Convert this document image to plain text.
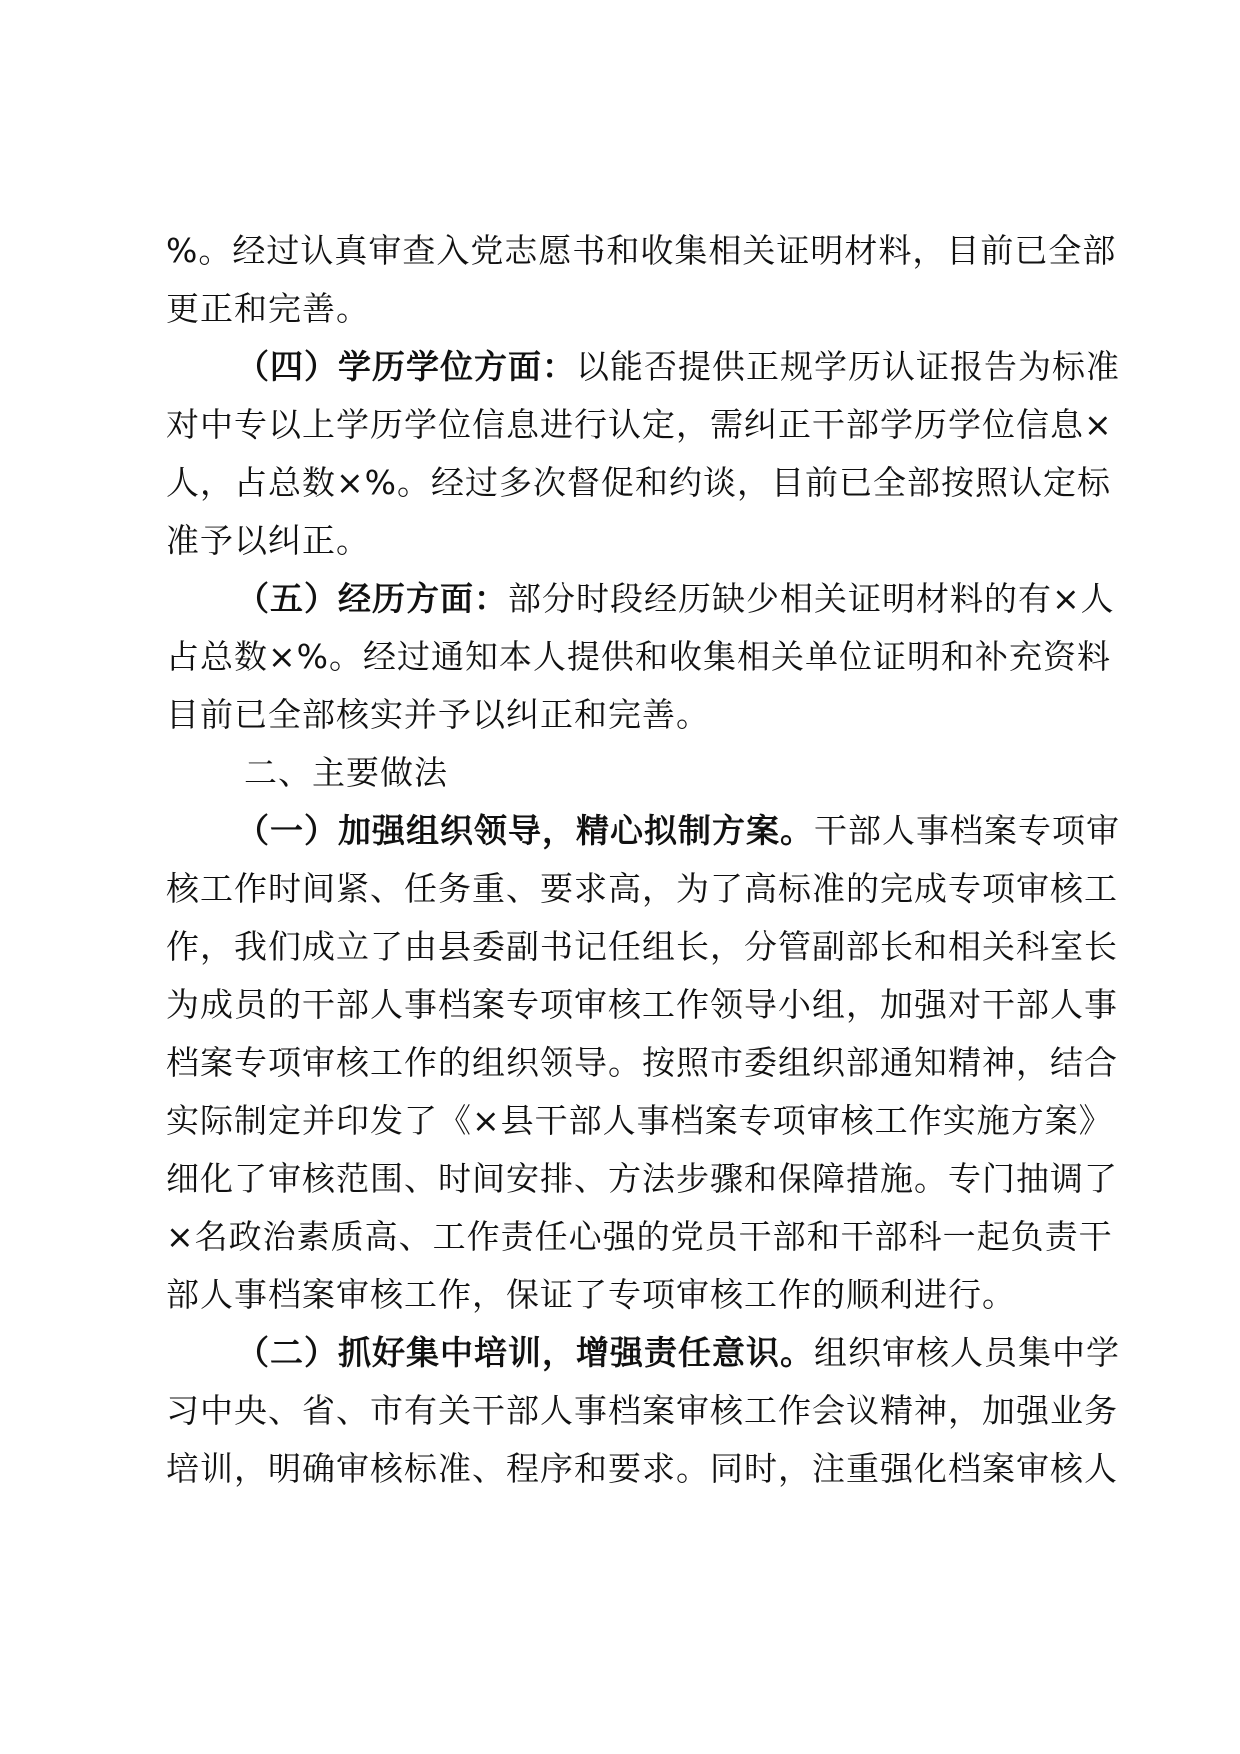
%。经过认真审查入党志愿书和收集相关证明材料，目前已全部
更正和完善。
（四）学历学位方面：以能否提供正规学历认证报告为标准
对中专以上学历学位信息进行认定，需纠正干部学历学位信息×
人，占总数×%。经过多次督促和约谈，目前已全部按照认定标
准予以纠正。
（五）经历方面：部分时段经历缺少相关证明材料的有×人
占总数×%。经过通知本人提供和收集相关单位证明和补充资料
目前已全部核实并予以纠正和完善。
二、主要做法
（一）加强组织领导，精心拟制方案。干部人事档案专项审
核工作时间紧、任务重、要求高，为了高标准的完成专项审核工
作，我们成立了由县委副书记任组长，分管副部长和相关科室长
为成员的干部人事档案专项审核工作领导小组，加强对干部人事
档案专项审核工作的组织领导。按照市委组织部通知精神，结合
实际制定并印发了《×县干部人事档案专项审核工作实施方案》
细化了审核范围、时间安排、方法步骤和保障措施。专门抽调了
×名政治素质高、工作责任心强的党员干部和干部科一起负责干
部人事档案审核工作，保证了专项审核工作的顺利进行。
（二）抓好集中培训，增强责任意识。组织审核人员集中学
习中央、省、市有关干部人事档案审核工作会议精神，加强业务
培训，明确审核标准、程序和要求。同时，注重强化档案审核人
